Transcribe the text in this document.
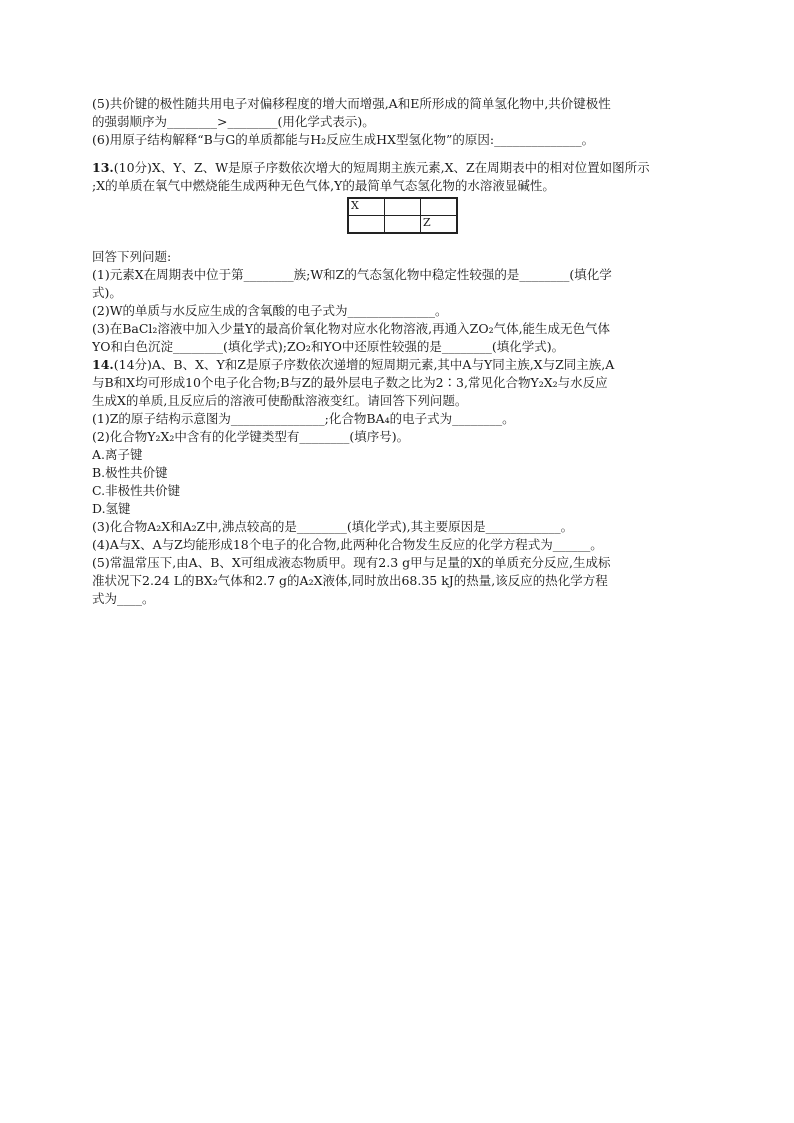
(5)共价键的极性随共用电子对偏移程度的增大而增强,A和E所形成的简单氢化物中,共价键极性

的强弱顺序为________>________(用化学式表示)。

(6)用原子结构解释“B与G的单质都能与H₂反应生成HX型氢化物”的原因:______________。

13.(10分)X、Y、Z、W是原子序数依次增大的短周期主族元素,X、Z在周期表中的相对位置如图所示

;X的单质在氧气中燃烧能生成两种无色气体,Y的最简单气态氢化物的水溶液显碱性。

X		
		Z

回答下列问题:

(1)元素X在周期表中位于第________族;W和Z的气态氢化物中稳定性较强的是________(填化学

式)。

(2)W的单质与水反应生成的含氧酸的电子式为______________。

(3)在BaCl₂溶液中加入少量Y的最高价氧化物对应水化物溶液,再通入ZO₂气体,能生成无色气体

YO和白色沉淀________(填化学式);ZO₂和YO中还原性较强的是________(填化学式)。

14.(14分)A、B、X、Y和Z是原子序数依次递增的短周期元素,其中A与Y同主族,X与Z同主族,A

与B和X均可形成10个电子化合物;B与Z的最外层电子数之比为2∶3,常见化合物Y₂X₂与水反应

生成X的单质,且反应后的溶液可使酚酞溶液变红。请回答下列问题。

(1)Z的原子结构示意图为_______________;化合物BA₄的电子式为________。

(2)化合物Y₂X₂中含有的化学键类型有________(填序号)。

A.离子键

B.极性共价键

C.非极性共价键

D.氢键

(3)化合物A₂X和A₂Z中,沸点较高的是________(填化学式),其主要原因是____________。

(4)A与X、A与Z均能形成18个电子的化合物,此两种化合物发生反应的化学方程式为______。

(5)常温常压下,由A、B、X可组成液态物质甲。现有2.3 g甲与足量的X的单质充分反应,生成标

准状况下2.24 L的BX₂气体和2.7 g的A₂X液体,同时放出68.35 kJ的热量,该反应的热化学方程

式为____。
